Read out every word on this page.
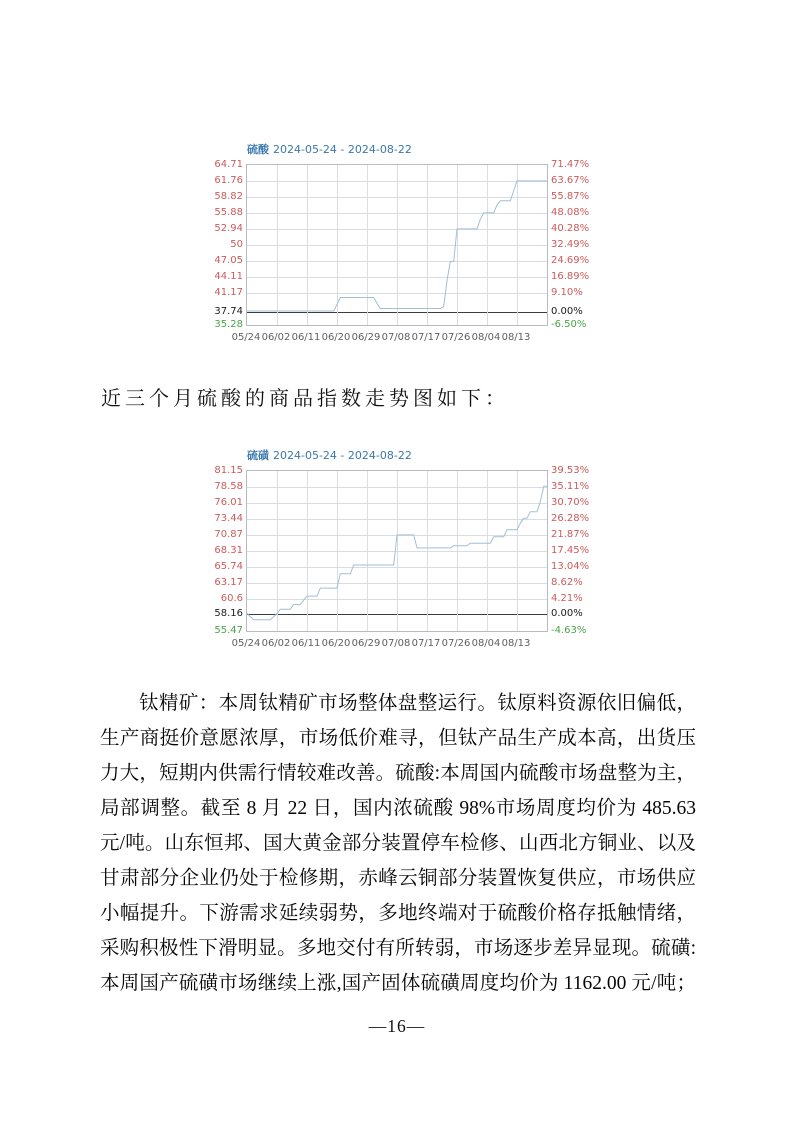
硫酸 2024-05-24 - 2024-08-22
64.71	71.47%
61.76	63.67%
58.82	55.87%
55.88	48.08%
52.94	40.28%
50	32.49%
47.05	24.69%
44.11	16.89%
41.17	9.10%
37.74	0.00%
35.28	-6.50%
05/24 06/02 06/11 06/20 06/29 07/08 07/17 07/26 08/04 08/13
近三个月硫酸的商品指数走势图如下：
硫磺 2024-05-24 - 2024-08-22
81.15	39.53%
78.58	35.11%
76.01	30.70%
73.44	26.28%
70.87	21.87%
68.31	17.45%
65.74	13.04%
63.17	8.62%
60.6	4.21%
58.16	0.00%
55.47	-4.63%
05/24 06/02 06/11 06/20 06/29 07/08 07/17 07/26 08/04 08/13
钛精矿：本周钛精矿市场整体盘整运行。钛原料资源依旧偏低，
生产商挺价意愿浓厚，市场低价难寻，但钛产品生产成本高，出货压
力大，短期内供需行情较难改善。硫酸:本周国内硫酸市场盘整为主，
局部调整。截至 8 月 22 日，国内浓硫酸 98%市场周度均价为 485.63
元/吨。山东恒邦、国大黄金部分装置停车检修、山西北方铜业、以及
甘肃部分企业仍处于检修期，赤峰云铜部分装置恢复供应，市场供应
小幅提升。下游需求延续弱势，多地终端对于硫酸价格存抵触情绪，
采购积极性下滑明显。多地交付有所转弱，市场逐步差异显现。硫磺:
本周国产硫磺市场继续上涨,国产固体硫磺周度均价为 1162.00 元/吨；
—16—
